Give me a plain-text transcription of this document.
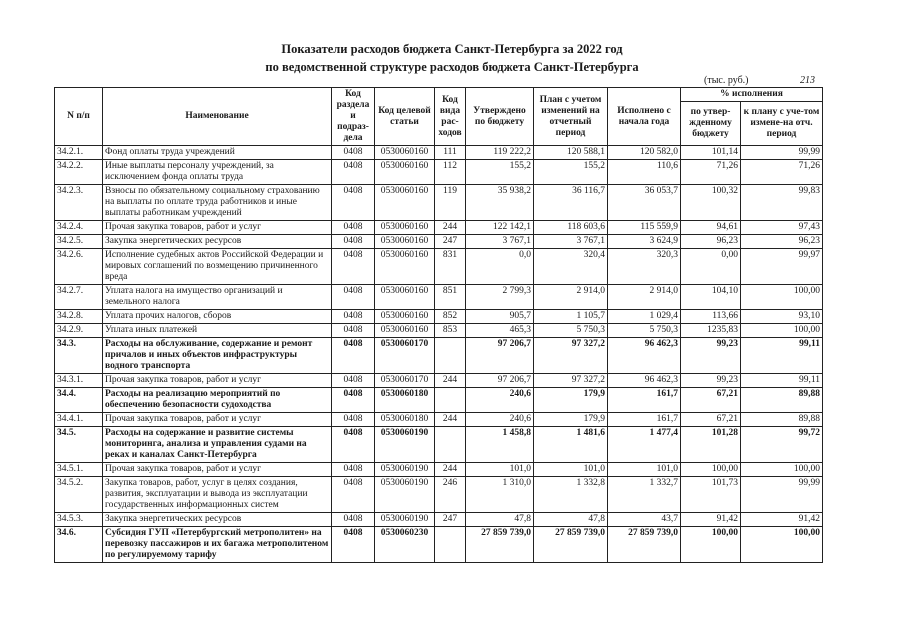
Показатели расходов бюджета Санкт-Петербурга за 2022 год
по ведомственной структуре расходов бюджета Санкт-Петербурга
(тыс. руб.)	213
N п/п	Наименование	Код раздела и подраз-дела	Код целевой статьи	Код вида рас-ходов	Утверждено по бюджету	План с учетом изменений на отчетный период	Исполнено с начала года	% исполнения	
								по утвер-жденному бюджету	к плану с уче-том измене-на отч. период
34.2.1.	Фонд оплаты труда учреждений	0408	0530060160	111	119 222,2	120 588,1	120 582,0	101,14	99,99
34.2.2.	Иные выплаты персоналу учреждений, за исключением фонда оплаты труда	0408	0530060160	112	155,2	155,2	110,6	71,26	71,26
34.2.3.	Взносы по обязательному социальному страхованию на выплаты по оплате труда работников и иные выплаты работникам учреждений	0408	0530060160	119	35 938,2	36 116,7	36 053,7	100,32	99,83
34.2.4.	Прочая закупка товаров, работ и услуг	0408	0530060160	244	122 142,1	118 603,6	115 559,9	94,61	97,43
34.2.5.	Закупка энергетических ресурсов	0408	0530060160	247	3 767,1	3 767,1	3 624,9	96,23	96,23
34.2.6.	Исполнение судебных актов Российской Федерации и мировых соглашений по возмещению причиненного вреда	0408	0530060160	831	0,0	320,4	320,3	0,00	99,97
34.2.7.	Уплата налога на имущество организаций и земельного налога	0408	0530060160	851	2 799,3	2 914,0	2 914,0	104,10	100,00
34.2.8.	Уплата прочих налогов, сборов	0408	0530060160	852	905,7	1 105,7	1 029,4	113,66	93,10
34.2.9.	Уплата иных платежей	0408	0530060160	853	465,3	5 750,3	5 750,3	1235,83	100,00
34.3.	Расходы на обслуживание, содержание и ремонт причалов и иных объектов инфраструктуры водного транспорта	0408	0530060170		97 206,7	97 327,2	96 462,3	99,23	99,11
34.3.1.	Прочая закупка товаров, работ и услуг	0408	0530060170	244	97 206,7	97 327,2	96 462,3	99,23	99,11
34.4.	Расходы на реализацию мероприятий по обеспечению безопасности судоходства	0408	0530060180		240,6	179,9	161,7	67,21	89,88
34.4.1.	Прочая закупка товаров, работ и услуг	0408	0530060180	244	240,6	179,9	161,7	67,21	89,88
34.5.	Расходы на содержание и развитие системы мониторинга, анализа и управления судами на реках и каналах Санкт-Петербурга	0408	0530060190		1 458,8	1 481,6	1 477,4	101,28	99,72
34.5.1.	Прочая закупка товаров, работ и услуг	0408	0530060190	244	101,0	101,0	101,0	100,00	100,00
34.5.2.	Закупка товаров, работ, услуг в целях создания, развития, эксплуатации и вывода из эксплуатации государственных информационных систем	0408	0530060190	246	1 310,0	1 332,8	1 332,7	101,73	99,99
34.5.3.	Закупка энергетических ресурсов	0408	0530060190	247	47,8	47,8	43,7	91,42	91,42
34.6.	Субсидия ГУП «Петербургский метрополитен» на перевозку пассажиров и их багажа метрополитеном по регулируемому тарифу	0408	0530060230		27 859 739,0	27 859 739,0	27 859 739,0	100,00	100,00
